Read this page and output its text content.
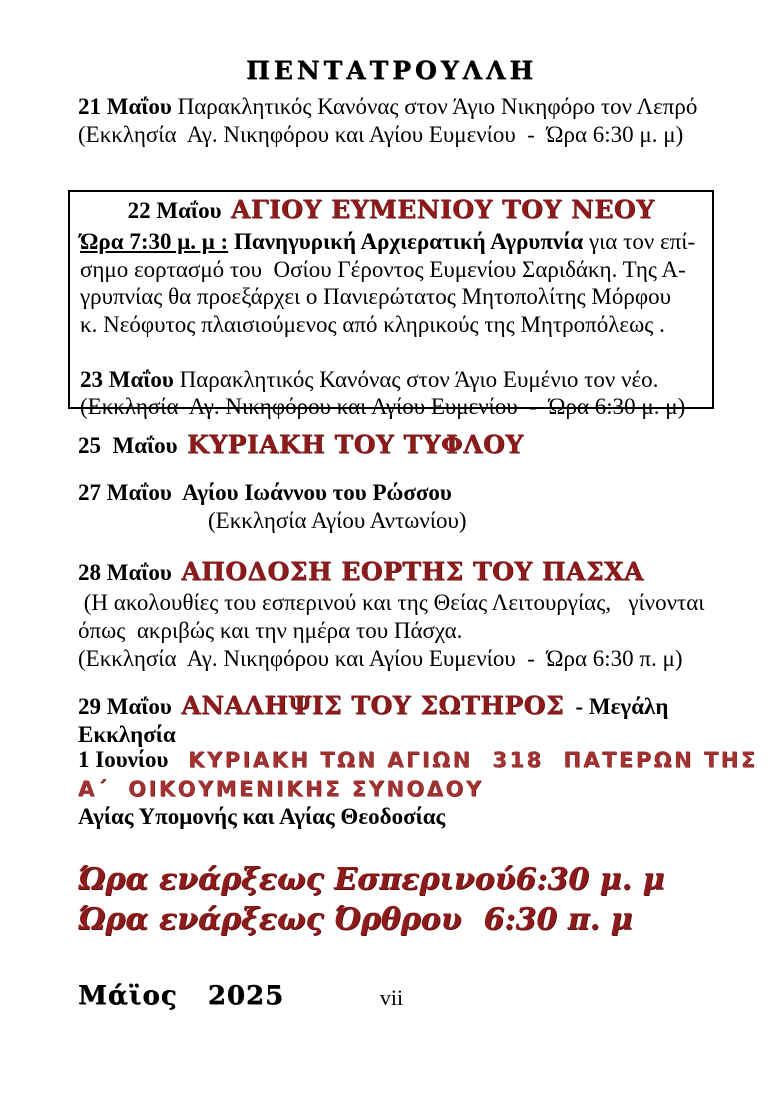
ΠΕΝΤΑΤΡΟΥΛΛΗ
21 Μαΐου Παρακλητικός Κανόνας στον Άγιο Νικηφόρο τον Λεπρό
(Εκκλησία  Αγ. Νικηφόρου και Αγίου Ευμενίου  -  Ώρα 6:30 μ. μ)
22 Μαΐου ΑΓΙΟΥ ΕΥΜΕΝΙΟΥ ΤΟΥ ΝΕΟΥ
Ώρα 7:30 μ. μ : Πανηγυρική Αρχιερατική Αγρυπνία για τον επί-
σημο εορτασμό του  Οσίου Γέροντος Ευμενίου Σαριδάκη. Της Α-
γρυπνίας θα προεξάρχει ο Πανιερώτατος Μητοπολίτης Μόρφου
κ. Νεόφυτος πλαισιούμενος από κληρικούς της Μητροπόλεως .

23 Μαΐου Παρακλητικός Κανόνας στον Άγιο Ευμένιο τον νέο.
(Εκκλησία  Αγ. Νικηφόρου και Αγίου Ευμενίου  -  Ώρα 6:30 μ. μ)
25  Μαΐου ΚΥΡΙΑΚΗ ΤΟΥ ΤΥΦΛΟΥ
27 Μαΐου  Αγίου Ιωάννου του Ρώσσου
(Εκκλησία Αγίου Αντωνίου)
28 Μαΐου ΑΠΟΔΟΣΗ ΕΟΡΤΗΣ ΤΟΥ ΠΑΣΧΑ
(Η ακολουθίες του εσπερινού και της Θείας Λειτουργίας,   γίνονται
όπως  ακριβώς και την ημέρα του Πάσχα.
(Εκκλησία  Αγ. Νικηφόρου και Αγίου Ευμενίου  -  Ώρα 6:30 π. μ)
29 Μαΐου ΑΝΑΛΗΨΙΣ ΤΟΥ ΣΩΤΗΡΟΣ  - Μεγάλη Εκκλησία
1 Ιουνίου  ΚΥΡΙΑΚΗ ΤΩΝ ΑΓΙΩΝ  318  ΠΑΤΕΡΩΝ ΤΗΣ
Α΄  ΟΙΚΟΥΜΕΝΙΚΗΣ ΣΥΝΟΔΟΥ
Αγίας Υπομονής και Αγίας Θεοδοσίας
Ώρα ενάρξεως Εσπερινού6:30 μ. μ
Ώρα ενάρξεως Όρθρου 6:30 π. μ
Μάϊος   2025	vii
